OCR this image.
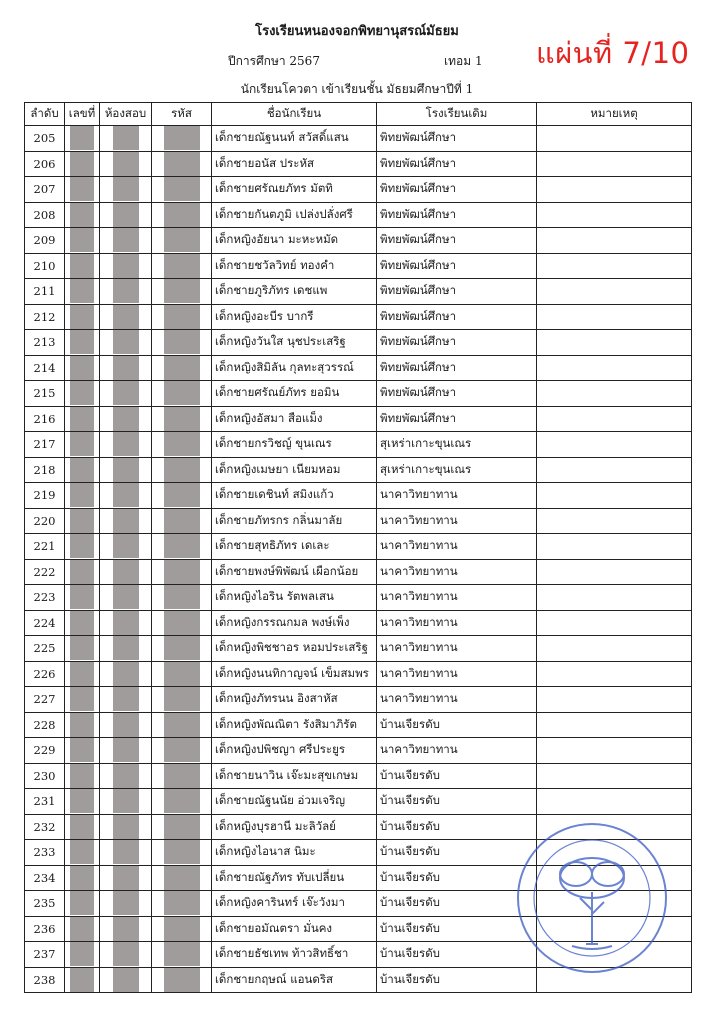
โรงเรียนหนองจอกพิทยานุสรณ์มัธยม
ปีการศึกษา 2567	เทอม 1
นักเรียนโควตา เข้าเรียนชั้น มัธยมศึกษาปีที่ 1
แผ่นที่ 7/10
ลำดับ	เลขที่	ห้องสอบ	รหัส	ชื่อนักเรียน	โรงเรียนเดิม	หมายเหตุ
205				เด็กชายณัฐนนท์ สวัสดิ์แสน	พิทยพัฒน์ศึกษา	
206				เด็กชายอนัส ประหัส	พิทยพัฒน์ศึกษา	
207				เด็กชายศรัณยภัทร มัตทิ	พิทยพัฒน์ศึกษา	
208				เด็กชายกันตภูมิ เปล่งปลั่งศรี	พิทยพัฒน์ศึกษา	
209				เด็กหญิงอัยนา มะหะหมัด	พิทยพัฒน์ศึกษา	
210				เด็กชายชวัลวิทย์ ทองคำ	พิทยพัฒน์ศึกษา	
211				เด็กชายภูริภัทร เดชแพ	พิทยพัฒน์ศึกษา	
212				เด็กหญิงอะบีร บากรี	พิทยพัฒน์ศึกษา	
213				เด็กหญิงวันใส นุชประเสริฐ	พิทยพัฒน์ศึกษา	
214				เด็กหญิงสิมิลัน กุลทะสุวรรณ์	พิทยพัฒน์ศึกษา	
215				เด็กชายศรัณย์ภัทร ยอมิน	พิทยพัฒน์ศึกษา	
216				เด็กหญิงอัสมา สือแม็ง	พิทยพัฒน์ศึกษา	
217				เด็กชายกรวิชญ์ ขุนเณร	สุเหร่าเกาะขุนเณร	
218				เด็กหญิงเมษยา เนียมหอม	สุเหร่าเกาะขุนเณร	
219				เด็กชายเดชินท์ สมิงแก้ว	นาคาวิทยาทาน	
220				เด็กชายภัทรกร กลิ่นมาลัย	นาคาวิทยาทาน	
221				เด็กชายสุทธิภัทร เดเละ	นาคาวิทยาทาน	
222				เด็กชายพงษ์พิพัฒน์ เผือกน้อย	นาคาวิทยาทาน	
223				เด็กหญิงไอริน รัตพลเสน	นาคาวิทยาทาน	
224				เด็กหญิงกรรณกมล พงษ์เพ็ง	นาคาวิทยาทาน	
225				เด็กหญิงพิชชาอร หอมประเสริฐ	นาคาวิทยาทาน	
226				เด็กหญิงนนทิกาญจน์ เข็มสมพร	นาคาวิทยาทาน	
227				เด็กหญิงภัทรนน อิงสาหัส	นาคาวิทยาทาน	
228				เด็กหญิงพัณณิตา รังสิมาภิรัต	บ้านเจียรดับ	
229				เด็กหญิงปพิชญา ศรีประยูร	นาคาวิทยาทาน	
230				เด็กชายนาวิน เจ๊ะมะสุขเกษม	บ้านเจียรดับ	
231				เด็กชายณัฐนนัย อ่วมเจริญ	บ้านเจียรดับ	
232				เด็กหญิงบุรฮานี มะลิวัลย์	บ้านเจียรดับ	
233				เด็กหญิงไอนาส นิมะ	บ้านเจียรดับ	
234				เด็กชายณัฐภัทร ทับเปลี่ยน	บ้านเจียรดับ	
235				เด็กหญิงคารินทร์ เจ๊ะวังมา	บ้านเจียรดับ	
236				เด็กชายอมัณตรา มั่นคง	บ้านเจียรดับ	
237				เด็กชายธัชเทพ ท้าวสิทธิ์ชา	บ้านเจียรดับ	
238				เด็กชายกฤษณ์ แอนดริส	บ้านเจียรดับ	
